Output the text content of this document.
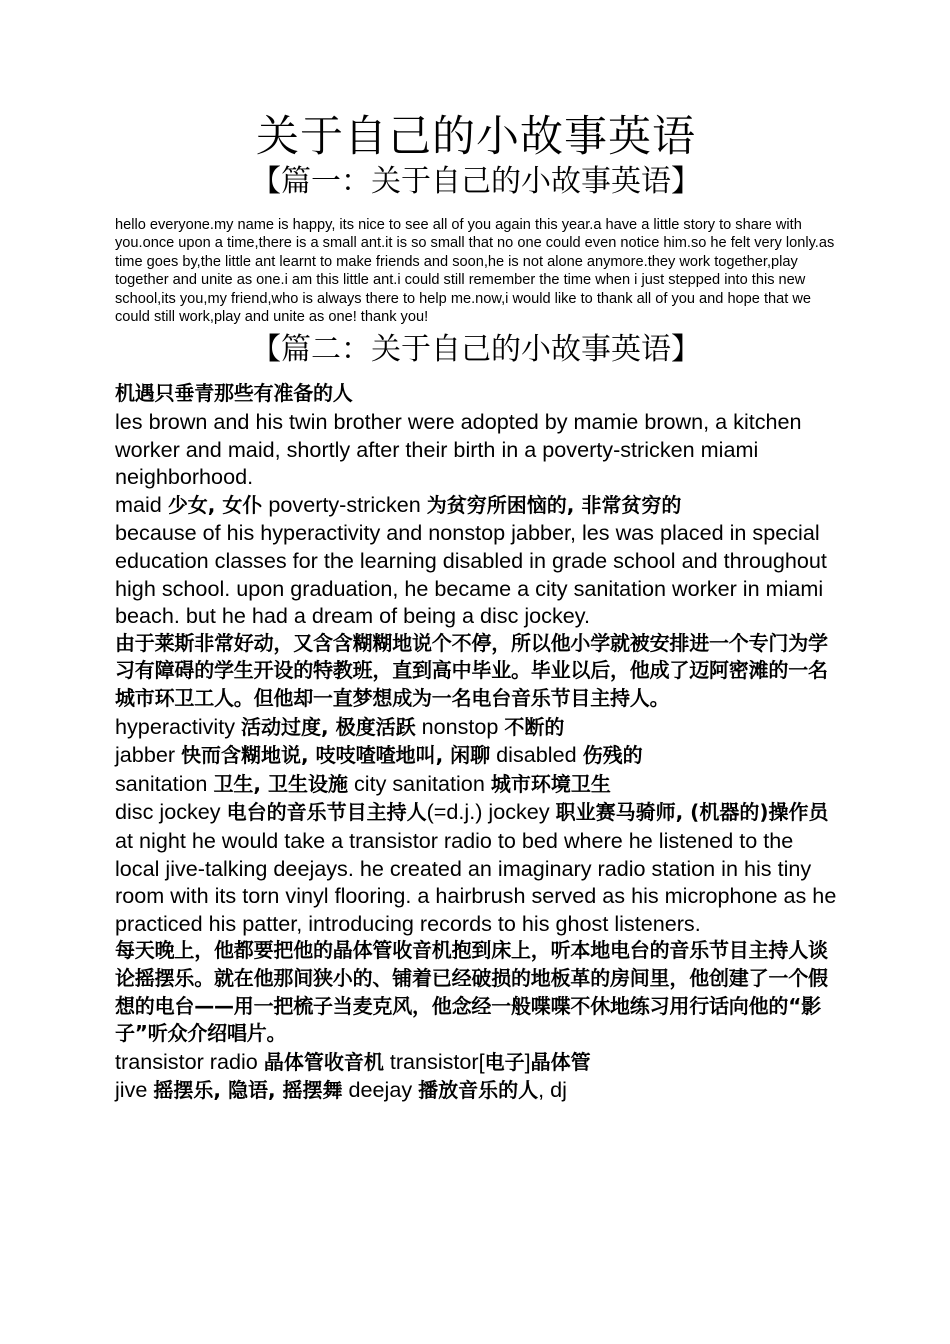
关于自己的小故事英语
【篇一：关于自己的小故事英语】

hello everyone.my name is happy, its nice to see all of you again this year.a have a little story to share with you.once upon a time,there is a small ant.it is so small that no one could even notice him.so he felt very lonly.as time goes by,the little ant learnt to make friends and soon,he is not alone anymore.they work together,play together and unite as one.i am this little ant.i could still remember the time when i just stepped into this new school,its you,my friend,who is always there to help me.now,i would like to thank all of you and hope that we could still work,play and unite as one! thank you!

【篇二：关于自己的小故事英语】

机遇只垂青那些有准备的人

les brown and his twin brother were adopted by mamie brown, a kitchen worker and maid, shortly after their birth in a poverty-stricken miami neighborhood.

maid 少女, 女仆 poverty-stricken 为贫穷所困恼的, 非常贫穷的

because of his hyperactivity and nonstop jabber, les was placed in special education classes for the learning disabled in grade school and throughout high school. upon graduation, he became a city sanitation worker in miami beach. but he had a dream of being a disc jockey.

由于莱斯非常好动，又含含糊糊地说个不停，所以他小学就被安排进一个专门为学习有障碍的学生开设的特教班，直到高中毕业。毕业以后，他成了迈阿密滩的一名城市环卫工人。但他却一直梦想成为一名电台音乐节目主持人。

hyperactivity 活动过度, 极度活跃 nonstop 不断的

jabber 快而含糊地说, 吱吱喳喳地叫, 闲聊 disabled 伤残的

sanitation 卫生, 卫生设施 city sanitation 城市环境卫生

disc jockey 电台的音乐节目主持人(=d.j.) jockey 职业赛马骑师, (机器的)操作员

at night he would take a transistor radio to bed where he listened to the local jive-talking deejays. he created an imaginary radio station in his tiny room with its torn vinyl flooring. a hairbrush served as his microphone as he practiced his patter, introducing records to his ghost listeners.

每天晚上，他都要把他的晶体管收音机抱到床上，听本地电台的音乐节目主持人谈论摇摆乐。就在他那间狭小的、铺着已经破损的地板革的房间里，他创建了一个假想的电台——用一把梳子当麦克风，他念经一般喋喋不休地练习用行话向他的“影子”听众介绍唱片。

transistor radio 晶体管收音机 transistor[电子]晶体管

jive 摇摆乐, 隐语, 摇摆舞 deejay 播放音乐的人, dj
